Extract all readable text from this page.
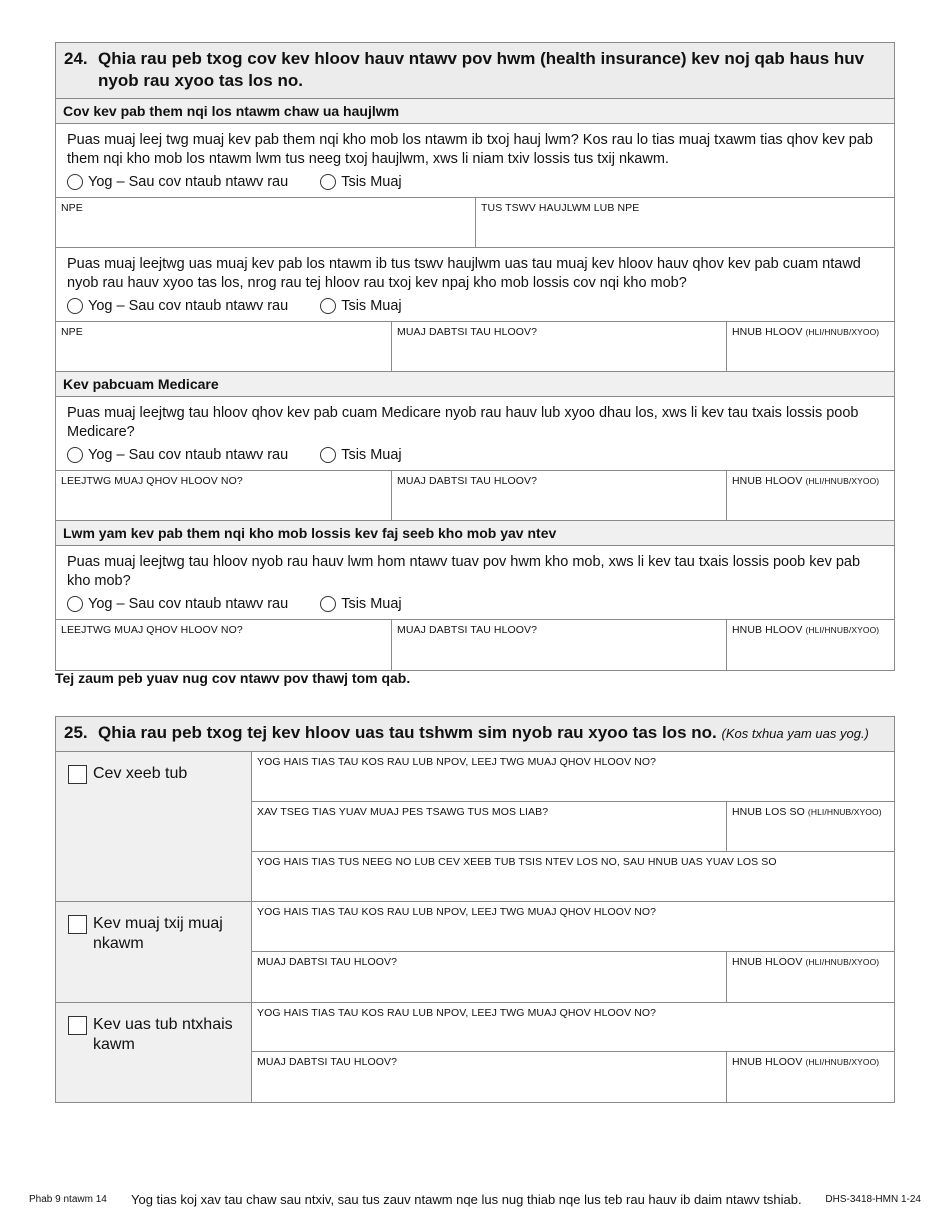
24. Qhia rau peb txog cov kev hloov hauv ntawv pov hwm (health insurance) kev noj qab haus huv
nyob rau xyoo tas los no.
Cov kev pab them nqi los ntawm chaw ua haujlwm
Puas muaj leej twg muaj kev pab them nqi kho mob los ntawm ib txoj hauj lwm? Kos rau lo tias muaj txawm tias qhov kev pab them nqi kho mob los ntawm lwm tus neeg txoj haujlwm, xws li niam txiv lossis tus txij nkawm.
Yog – Sau cov ntaub ntawv rau	Tsis Muaj
NPE	TUS TSWV HAUJLWM LUB NPE
Puas muaj leejtwg uas muaj kev pab los ntawm ib tus tswv haujlwm uas tau muaj kev hloov hauv qhov kev pab cuam ntawd nyob rau hauv xyoo tas los, nrog rau tej hloov rau txoj kev npaj kho mob lossis cov nqi kho mob?
Yog – Sau cov ntaub ntawv rau	Tsis Muaj
NPE	MUAJ DABTSI TAU HLOOV?	HNUB HLOOV (HLI/HNUB/XYOO)
Kev pabcuam Medicare
Puas muaj leejtwg tau hloov qhov kev pab cuam Medicare nyob rau hauv lub xyoo dhau los, xws li kev tau txais lossis poob Medicare?
Yog – Sau cov ntaub ntawv rau	Tsis Muaj
LEEJTWG MUAJ QHOV HLOOV NO?	MUAJ DABTSI TAU HLOOV?	HNUB HLOOV (HLI/HNUB/XYOO)
Lwm yam kev pab them nqi kho mob lossis kev faj seeb kho mob yav ntev
Puas muaj leejtwg tau hloov nyob rau hauv lwm hom ntawv tuav pov hwm kho mob, xws li kev tau txais lossis poob kev pab kho mob?
Yog – Sau cov ntaub ntawv rau	Tsis Muaj
LEEJTWG MUAJ QHOV HLOOV NO?	MUAJ DABTSI TAU HLOOV?	HNUB HLOOV (HLI/HNUB/XYOO)
Tej zaum peb yuav nug cov ntawv pov thawj tom qab.
25. Qhia rau peb txog tej kev hloov uas tau tshwm sim nyob rau xyoo tas los no. (Kos txhua yam uas yog.)
Cev xeeb tub
YOG HAIS TIAS TAU KOS RAU LUB NPOV, LEEJ TWG MUAJ QHOV HLOOV NO?
XAV TSEG TIAS YUAV MUAJ PES TSAWG TUS MOS LIAB?	HNUB LOS SO (HLI/HNUB/XYOO)
YOG HAIS TIAS TUS NEEG NO LUB CEV XEEB TUB TSIS NTEV LOS NO, SAU HNUB UAS YUAV LOS SO
Kev muaj txij muaj nkawm
YOG HAIS TIAS TAU KOS RAU LUB NPOV, LEEJ TWG MUAJ QHOV HLOOV NO?
MUAJ DABTSI TAU HLOOV?	HNUB HLOOV (HLI/HNUB/XYOO)
Kev uas tub ntxhais kawm
YOG HAIS TIAS TAU KOS RAU LUB NPOV, LEEJ TWG MUAJ QHOV HLOOV NO?
MUAJ DABTSI TAU HLOOV?	HNUB HLOOV (HLI/HNUB/XYOO)
Phab 9 ntawm 14 Yog tias koj xav tau chaw sau ntxiv, sau tus zauv ntawm nqe lus nug thiab nqe lus teb rau hauv ib daim ntawv tshiab. DHS-3418-HMN 1-24
